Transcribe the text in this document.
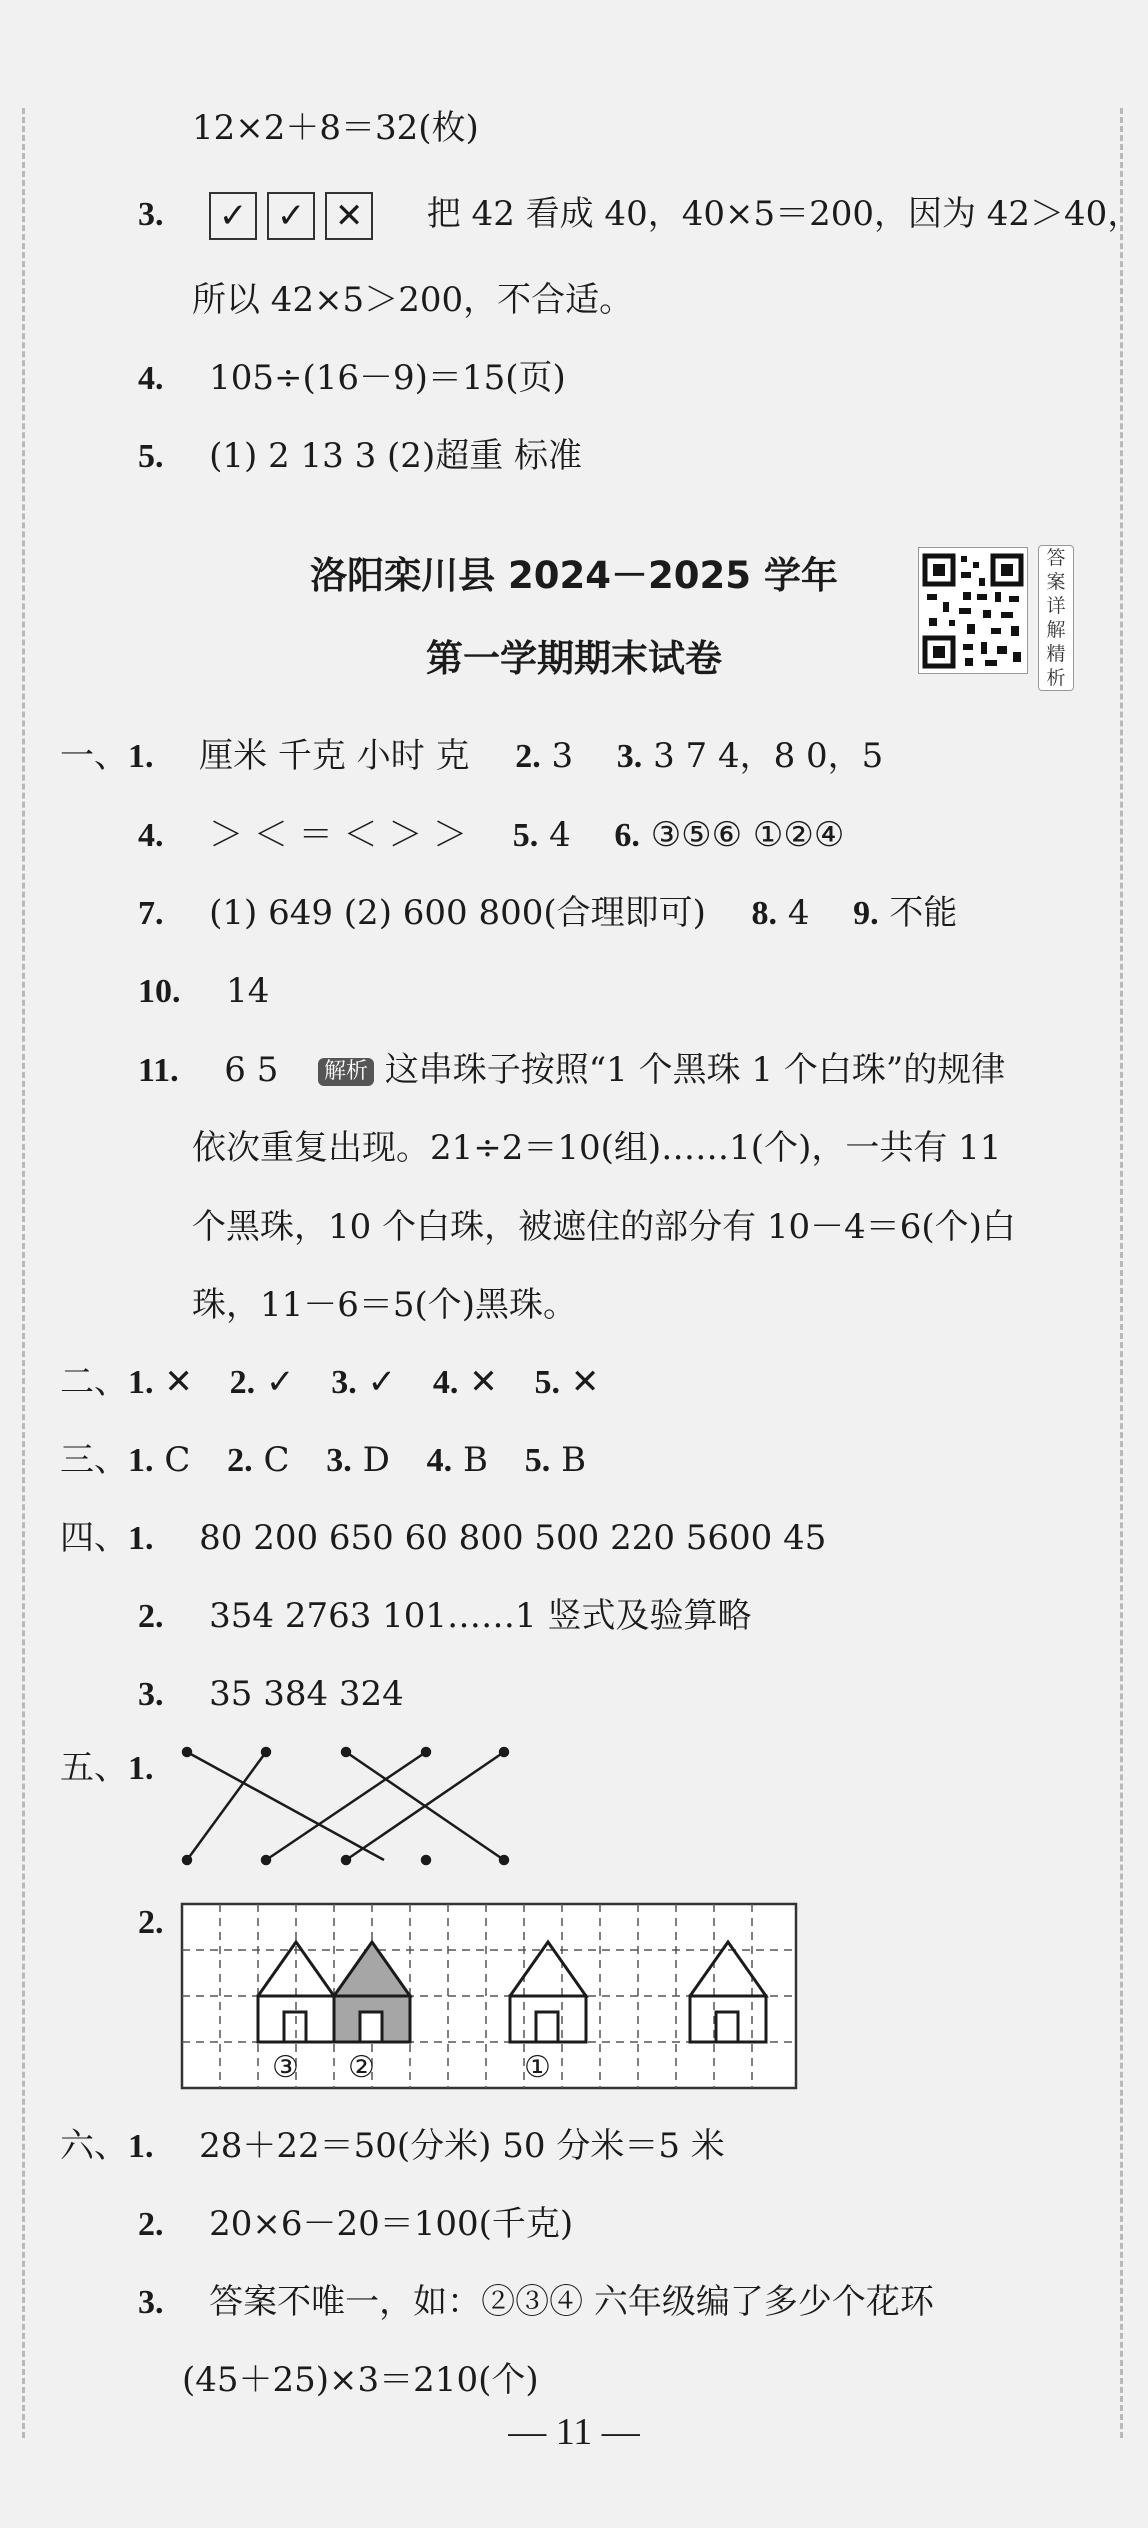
12×2＋8＝32(枚)
3. ✓ ✓ ✕ 把 42 看成 40，40×5＝200，因为 42＞40，
所以 42×5＞200，不合适。
4. 105÷(16－9)＝15(页)
5. (1) 2 13 3 (2)超重 标准
洛阳栾川县 2024－2025 学年
第一学期期末试卷
答案详解精析
一、1. 厘米 千克 小时 克 2. 3 3. 3 7 4，8 0，5
4. ＞ ＜ ＝ ＜ ＞ ＞ 5. 4 6. ③⑤⑥ ①②④
7. (1) 649 (2) 600 800(合理即可) 8. 4 9. 不能
10. 14
11. 6 5 解析 这串珠子按照“1 个黑珠 1 个白珠”的规律
依次重复出现。21÷2＝10(组)……1(个)，一共有 11
个黑珠，10 个白珠，被遮住的部分有 10－4＝6(个)白
珠，11－6＝5(个)黑珠。
二、1. ✕ 2. ✓ 3. ✓ 4. ✕ 5. ✕
三、1. C 2. C 3. D 4. B 5. B
四、1. 80 200 650 60 800 500 220 5600 45
2. 354 2763 101……1 竖式及验算略
3. 35 384 324
五、1.
2.
③ ②	①
六、1. 28＋22＝50(分米) 50 分米＝5 米
2. 20×6－20＝100(千克)
3. 答案不唯一，如：②③④ 六年级编了多少个花环
(45＋25)×3＝210(个)
— 11 —
